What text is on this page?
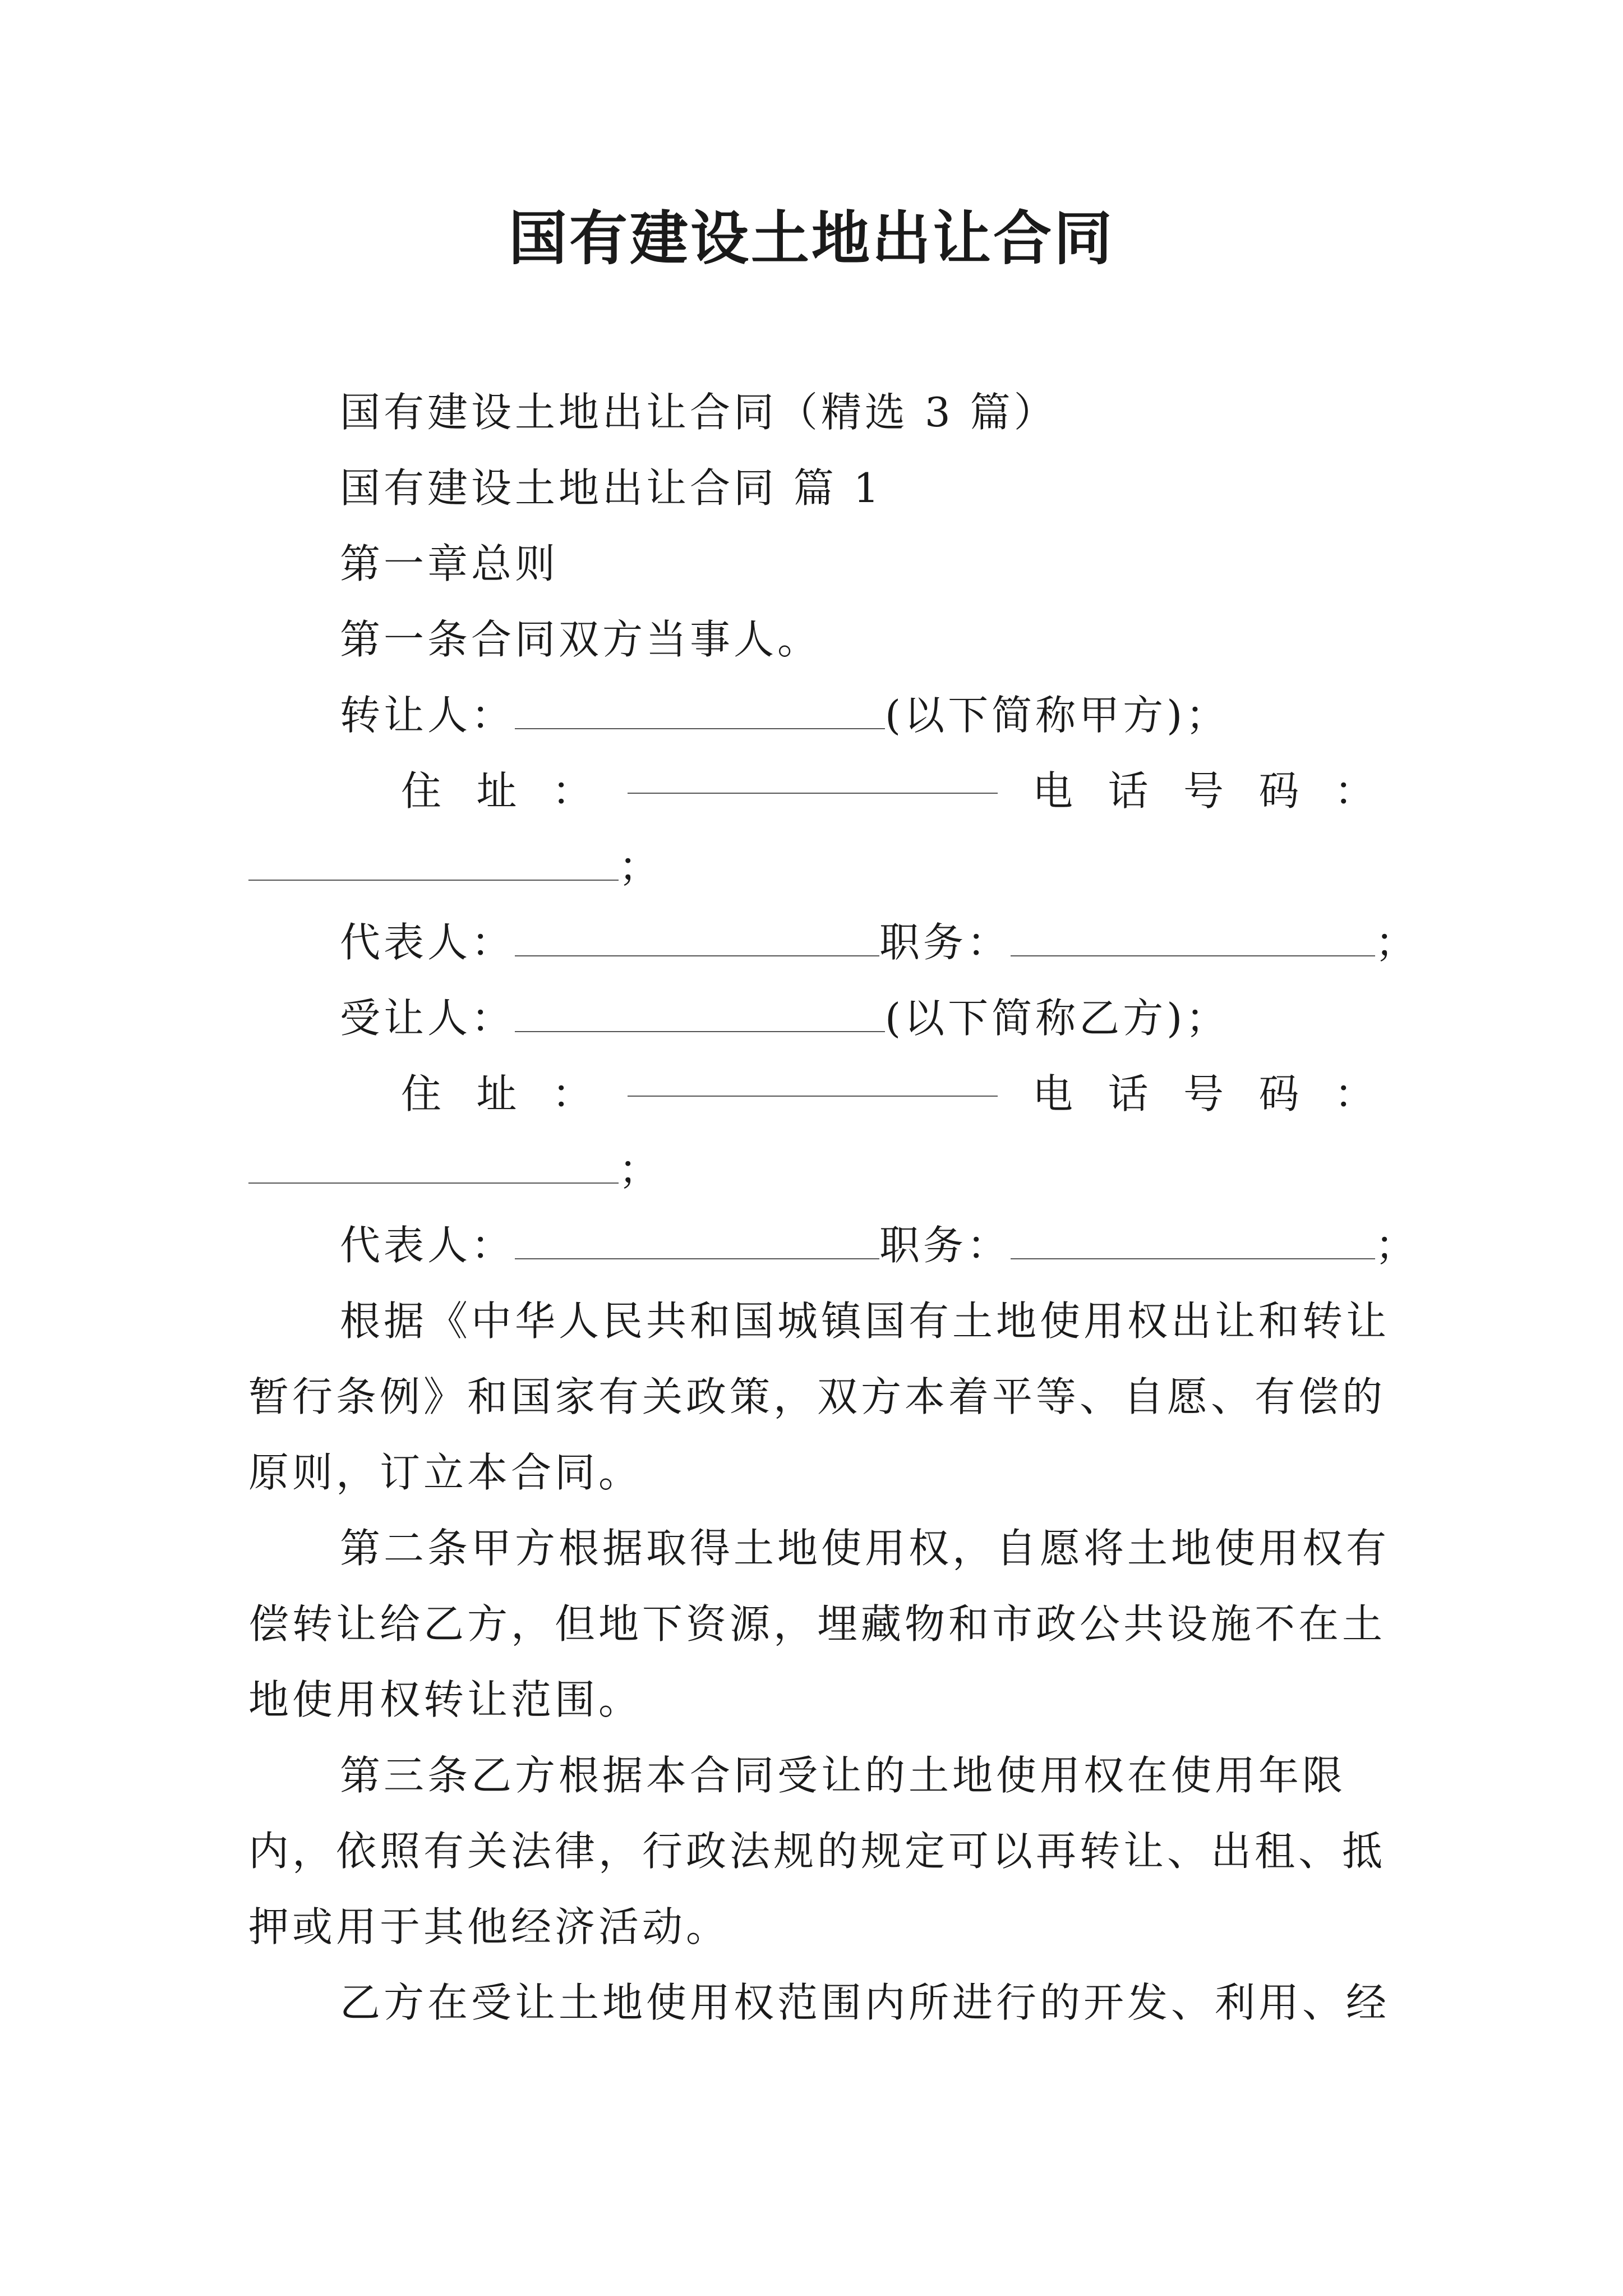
国有建设土地出让合同
国有建设土地出让合同（精选 3 篇）
国有建设土地出让合同 篇 1
第一章总则
第一条合同双方当事人。
转让人：	(以下简称甲方)；
住 址 ：	电 话 号 码 ：
；
代表人：	职务：	；
受让人：	(以下简称乙方)；
住 址 ：	电 话 号 码 ：
；
代表人：	职务：	；
根据《中华人民共和国城镇国有土地使用权出让和转让
暂行条例》和国家有关政策，双方本着平等、自愿、有偿的
原则，订立本合同。
第二条甲方根据取得土地使用权，自愿将土地使用权有
偿转让给乙方，但地下资源，埋藏物和市政公共设施不在土
地使用权转让范围。
第三条乙方根据本合同受让的土地使用权在使用年限
内，依照有关法律，行政法规的规定可以再转让、出租、抵
押或用于其他经济活动。
乙方在受让土地使用权范围内所进行的开发、利用、经
